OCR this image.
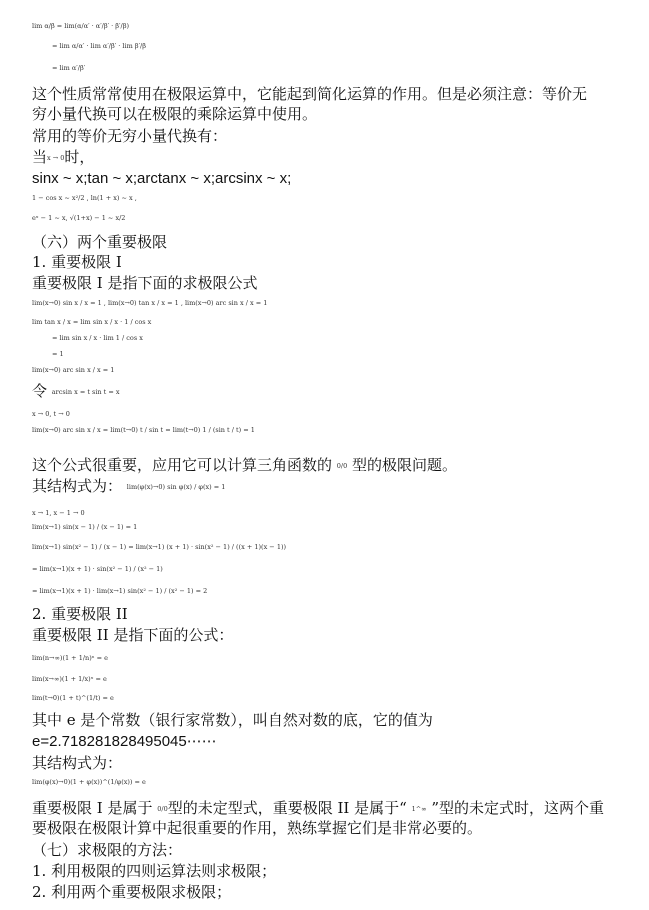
lim α/β = lim(α/α′ · α′/β′ · β′/β)
= lim α/α′ · lim α′/β′ · lim β′/β
= lim α′/β′
这个性质常常使用在极限运算中，它能起到简化运算的作用。但是必须注意：等价无
穷小量代换可以在极限的乘除运算中使用。
常用的等价无穷小量代换有：
当x → 0时，
sinx ~ x;tan ~ x;arctanx ~ x;arcsinx ~ x;
1 − cos x ~ x²/2 , ln(1 + x) ~ x ,
eˣ − 1 ~ x, √(1+x) − 1 ~ x/2
（六）两个重要极限
1. 重要极限 I
重要极限 I 是指下面的求极限公式
lim(x→0) sin x / x = 1 , lim(x→0) tan x / x = 1 , lim(x→0) arc sin x / x = 1
lim tan x / x = lim sin x / x · 1 / cos x
= lim sin x / x · lim 1 / cos x
= 1
lim(x→0) arc sin x / x = 1
令 arcsin x = t sin t = x
x → 0, t → 0
lim(x→0) arc sin x / x = lim(t→0) t / sin t = lim(t→0) 1 / (sin t / t) = 1
这个公式很重要，应用它可以计算三角函数的 0/0 型的极限问题。
其结构式为： lim(φ(x)→0) sin φ(x) / φ(x) = 1
x → 1, x − 1 → 0
lim(x→1) sin(x − 1) / (x − 1) = 1
lim(x→1) sin(x² − 1) / (x − 1) = lim(x→1) (x + 1) · sin(x² − 1) / ((x + 1)(x − 1))
= lim(x→1)(x + 1) · sin(x² − 1) / (x² − 1)
= lim(x→1)(x + 1) · lim(x→1) sin(x² − 1) / (x² − 1) = 2
2. 重要极限 II
重要极限 II 是指下面的公式：
lim(n→∞)(1 + 1/n)ⁿ = e
lim(x→∞)(1 + 1/x)ˣ = e
lim(t→0)(1 + t)^(1/t) = e
其中 e 是个常数（银行家常数），叫自然对数的底，它的值为
e=2.718281828495045⋯⋯
其结构式为：
lim(φ(x)→0)(1 + φ(x))^(1/φ(x)) = e
重要极限 I 是属于 0/0型的未定型式，重要极限 II 是属于“ 1^∞ ”型的未定式时，这两个重
要极限在极限计算中起很重要的作用，熟练掌握它们是非常必要的。
（七）求极限的方法：
1. 利用极限的四则运算法则求极限；
2. 利用两个重要极限求极限；
